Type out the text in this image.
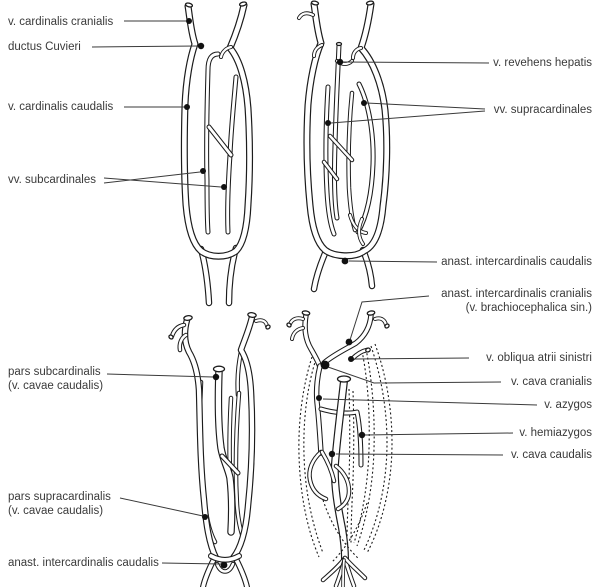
v. cardinalis cranialis
ductus Cuvieri
v. cardinalis caudalis
vv. subcardinales
pars subcardinalis
(v. cavae caudalis)
pars supracardinalis
(v. cavae caudalis)
anast. intercardinalis caudalis
v. revehens hepatis
vv. supracardinales
anast. intercardinalis caudalis
anast. intercardinalis cranialis
(v. brachiocephalica sin.)
v. obliqua atrii sinistri
v. cava cranialis
v. azygos
v. hemiazygos
v. cava caudalis
